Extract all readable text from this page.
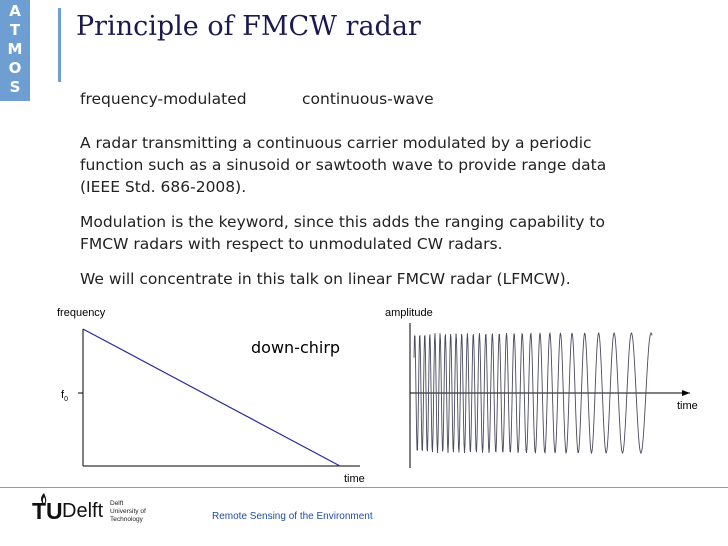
A
T
M
O
S
Principle of FMCW radar
frequency-modulated	continuous-wave
A radar transmitting a continuous carrier modulated by a periodic
function such as a sinusoid or sawtooth wave to provide range data
(IEEE Std. 686-2008).
Modulation is the keyword, since this adds the ranging capability to
FMCW radars with respect to unmodulated CW radars.
We will concentrate in this talk on linear FMCW radar (LFMCW).
frequency
$f_0$
time
down-chirp
amplitude
time
TU Delft Delft
University of
Technology	Remote Sensing of the Environment
